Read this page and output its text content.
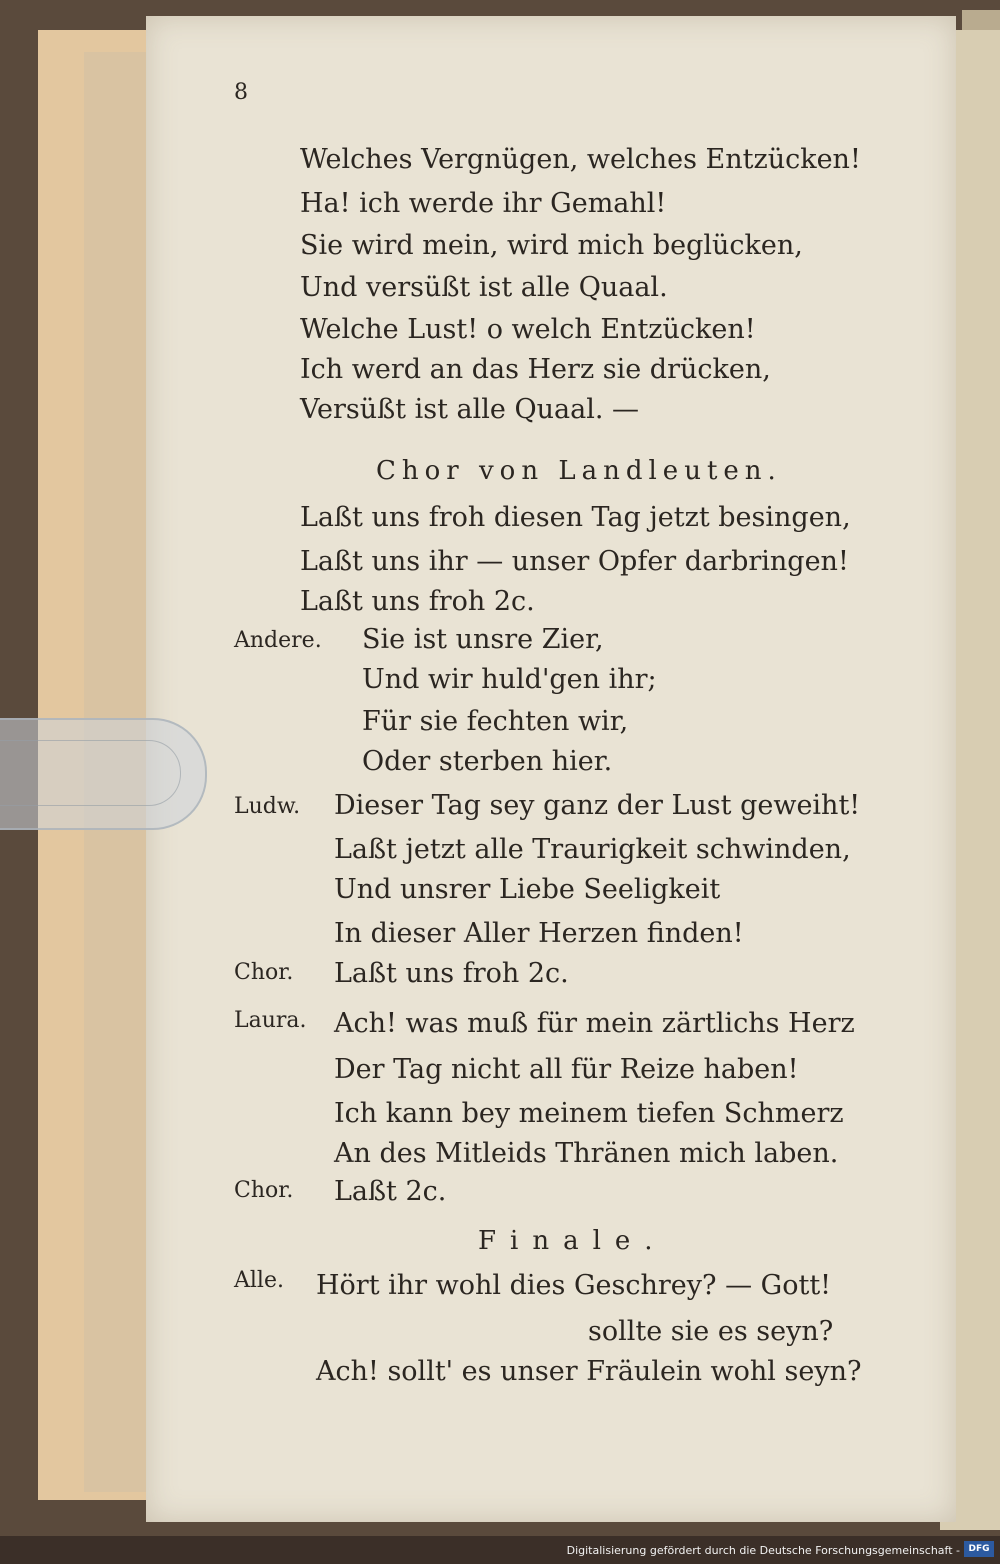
8
Welches Vergnügen, welches Entzücken!
Ha! ich werde ihr Gemahl!
Sie wird mein, wird mich beglücken,
Und versüßt ist alle Quaal.
Welche Lust! o welch Entzücken!
Ich werd an das Herz sie drücken,
Versüßt ist alle Quaal. —
Chor von Landleuten.
Laßt uns froh diesen Tag jetzt besingen,
Laßt uns ihr — unser Opfer darbringen!
Laßt uns froh 2c.
Andere. Sie ist unsre Zier,
Und wir huld'gen ihr;
Für sie fechten wir,
Oder sterben hier.
Ludw. Dieser Tag sey ganz der Lust geweiht!
Laßt jetzt alle Traurigkeit schwinden,
Und unsrer Liebe Seeligkeit
In dieser Aller Herzen finden!
Chor. Laßt uns froh 2c.
Laura. Ach! was muß für mein zärtlichs Herz
Der Tag nicht all für Reize haben!
Ich kann bey meinem tiefen Schmerz
An des Mitleids Thränen mich laben.
Chor. Laßt 2c.
Finale.
Alle. Hört ihr wohl dies Geschrey? — Gott!
sollte sie es seyn?
Ach! sollt' es unser Fräulein wohl seyn?
Digitalisierung gefördert durch die Deutsche Forschungsgemeinschaft - DFG
